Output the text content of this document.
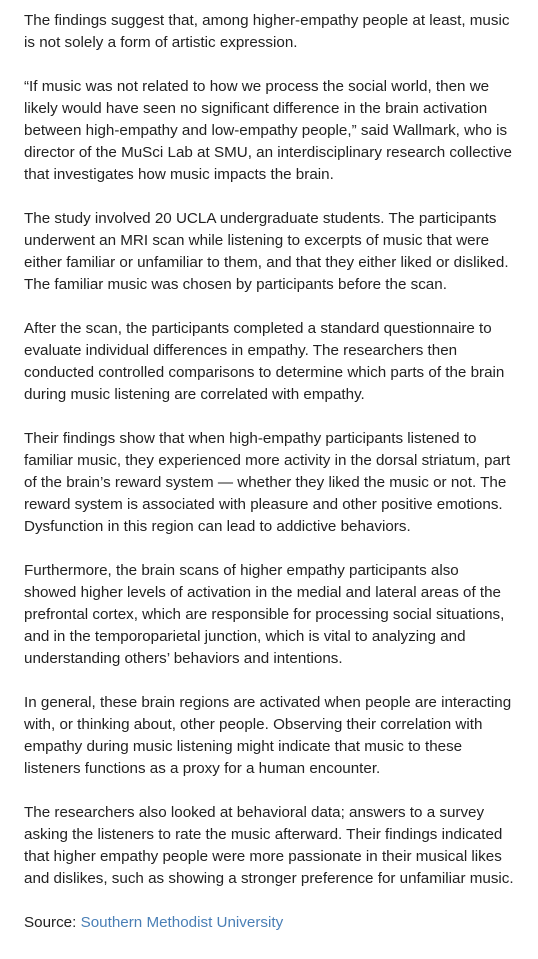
The findings suggest that, among higher-empathy people at least, music is not solely a form of artistic expression.

“If music was not related to how we process the social world, then we likely would have seen no significant difference in the brain activation between high-empathy and low-empathy people,” said Wallmark, who is director of the MuSci Lab at SMU, an interdisciplinary research collective that investigates how music impacts the brain.

The study involved 20 UCLA undergraduate students. The participants underwent an MRI scan while listening to excerpts of music that were either familiar or unfamiliar to them, and that they either liked or disliked. The familiar music was chosen by participants before the scan.

After the scan, the participants completed a standard questionnaire to evaluate individual differences in empathy. The researchers then conducted controlled comparisons to determine which parts of the brain during music listening are correlated with empathy.

Their findings show that when high-empathy participants listened to familiar music, they experienced more activity in the dorsal striatum, part of the brain’s reward system — whether they liked the music or not. The reward system is associated with pleasure and other positive emotions. Dysfunction in this region can lead to addictive behaviors.

Furthermore, the brain scans of higher empathy participants also showed higher levels of activation in the medial and lateral areas of the prefrontal cortex, which are responsible for processing social situations, and in the temporoparietal junction, which is vital to analyzing and understanding others’ behaviors and intentions.

In general, these brain regions are activated when people are interacting with, or thinking about, other people. Observing their correlation with empathy during music listening might indicate that music to these listeners functions as a proxy for a human encounter.

The researchers also looked at behavioral data; answers to a survey asking the listeners to rate the music afterward. Their findings indicated that higher empathy people were more passionate in their musical likes and dislikes, such as showing a stronger preference for unfamiliar music.

Source: Southern Methodist University
